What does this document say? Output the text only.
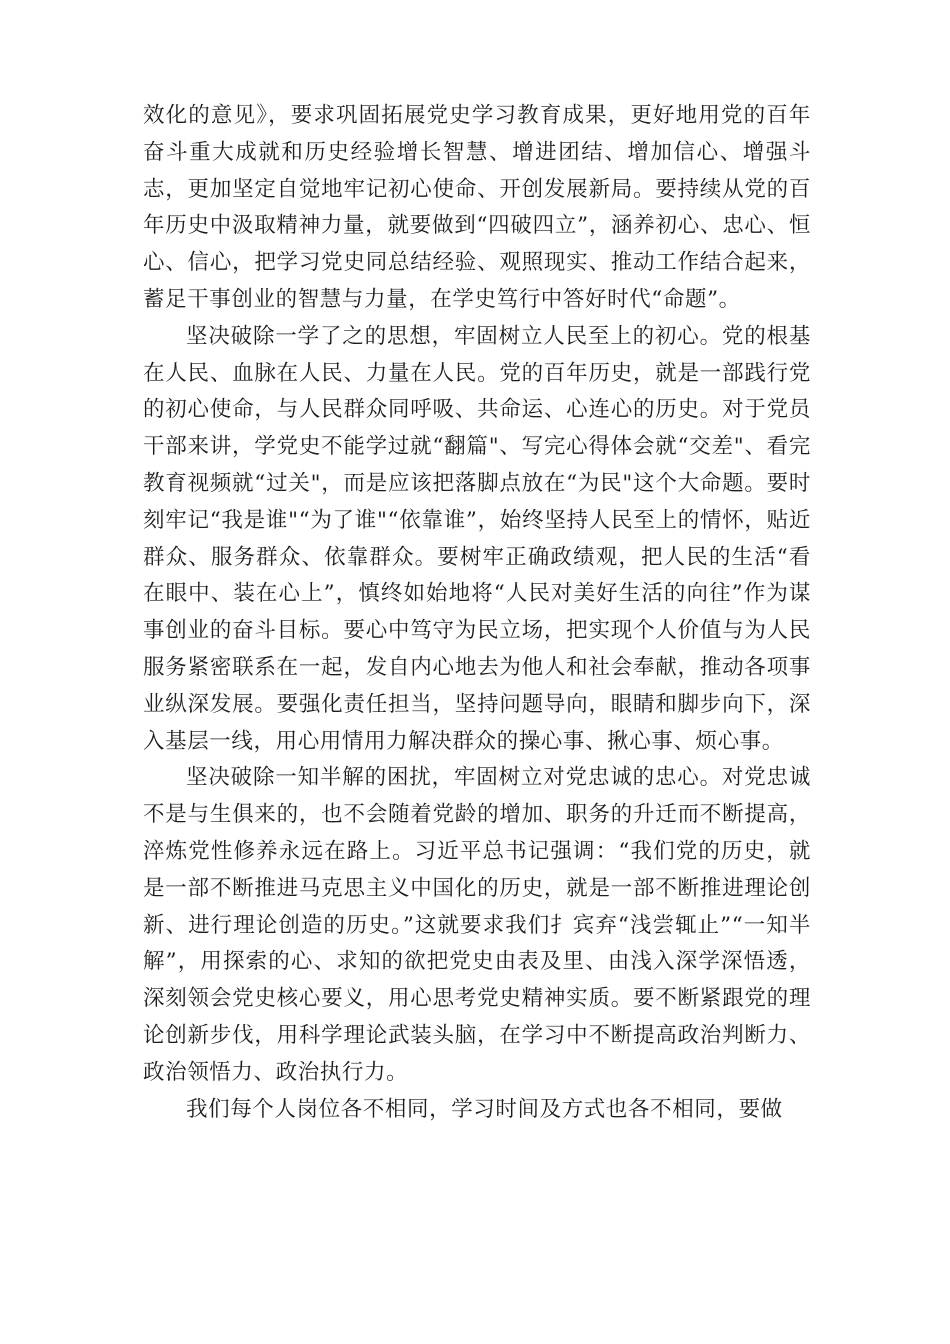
效化的意见》，要求巩固拓展党史学习教育成果，更好地用党的百年奋斗重大成就和历史经验增长智慧、增进团结、增加信心、增强斗志，更加坚定自觉地牢记初心使命、开创发展新局。要持续从党的百年历史中汲取精神力量，就要做到“四破四立”，涵养初心、忠心、恒心、信心，把学习党史同总结经验、观照现实、推动工作结合起来，蓄足干事创业的智慧与力量，在学史笃行中答好时代“命题”。

坚决破除一学了之的思想，牢固树立人民至上的初心。党的根基在人民、血脉在人民、力量在人民。党的百年历史，就是一部践行党的初心使命，与人民群众同呼吸、共命运、心连心的历史。对于党员干部来讲，学党史不能学过就“翻篇"、写完心得体会就“交差"、看完教育视频就“过关"，而是应该把落脚点放在“为民"这个大命题。要时刻牢记“我是谁"“为了谁"“依靠谁”，始终坚持人民至上的情怀，贴近群众、服务群众、依靠群众。要树牢正确政绩观，把人民的生活“看在眼中、装在心上”，慎终如始地将“人民对美好生活的向往”作为谋事创业的奋斗目标。要心中笃守为民立场，把实现个人价值与为人民服务紧密联系在一起，发自内心地去为他人和社会奉献，推动各项事业纵深发展。要强化责任担当，坚持问题导向，眼睛和脚步向下，深入基层一线，用心用情用力解决群众的操心事、揪心事、烦心事。

坚决破除一知半解的困扰，牢固树立对党忠诚的忠心。对党忠诚不是与生俱来的，也不会随着党龄的增加、职务的升迁而不断提高，淬炼党性修养永远在路上。习近平总书记强调：“我们党的历史，就是一部不断推进马克思主义中国化的历史，就是一部不断推进理论创新、进行理论创造的历史。”这就要求我们扌宾弃“浅尝辄止”“一知半解”，用探索的心、求知的欲把党史由表及里、由浅入深学深悟透，深刻领会党史核心要义，用心思考党史精神实质。要不断紧跟党的理论创新步伐，用科学理论武装头脑，在学习中不断提高政治判断力、政治领悟力、政治执行力。

我们每个人岗位各不相同，学习时间及方式也各不相同，要做
